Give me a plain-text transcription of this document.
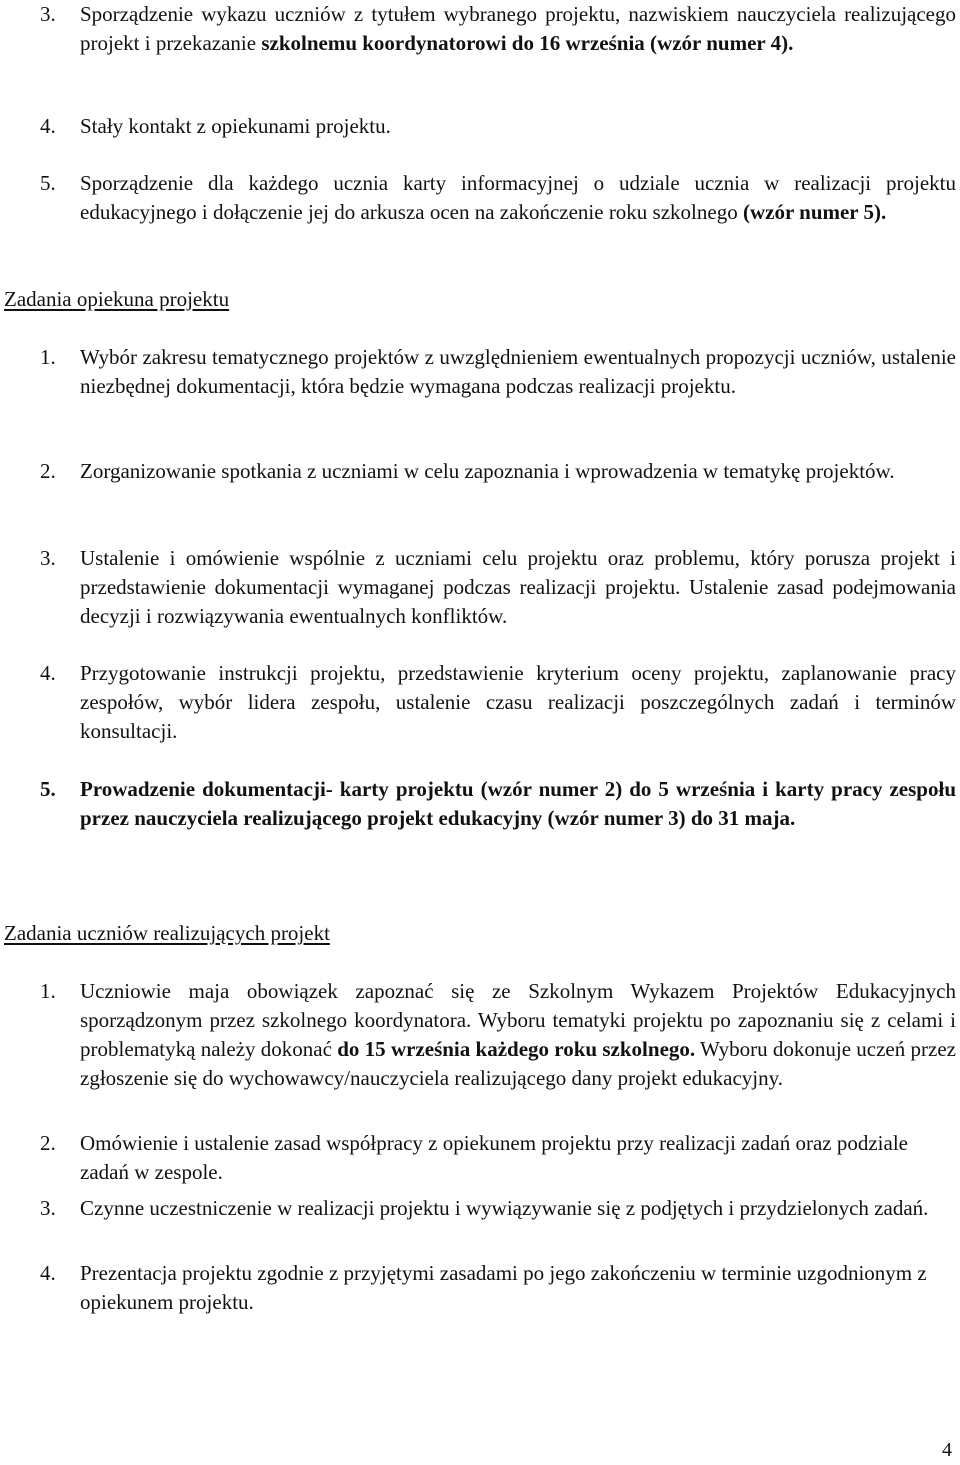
3.	Sporządzenie wykazu uczniów z tytułem wybranego projektu, nazwiskiem nauczyciela realizującego projekt i przekazanie szkolnemu koordynatorowi do 16 września (wzór numer 4).
4.	Stały kontakt z opiekunami projektu.
5.	Sporządzenie dla każdego ucznia karty informacyjnej o udziale ucznia w realizacji projektu edukacyjnego i dołączenie jej do arkusza ocen na zakończenie roku szkolnego (wzór numer 5).
Zadania opiekuna projektu
1.	Wybór zakresu tematycznego projektów z uwzględnieniem ewentualnych propozycji uczniów, ustalenie niezbędnej dokumentacji, która będzie wymagana podczas realizacji projektu.
2.	Zorganizowanie spotkania z uczniami w celu zapoznania i wprowadzenia w tematykę projektów.
3.	Ustalenie i omówienie wspólnie z uczniami celu projektu oraz problemu, który porusza projekt i przedstawienie dokumentacji wymaganej podczas realizacji projektu. Ustalenie zasad podejmowania decyzji i rozwiązywania ewentualnych konfliktów.
4.	Przygotowanie instrukcji projektu, przedstawienie kryterium oceny projektu, zaplanowanie pracy zespołów, wybór lidera zespołu, ustalenie czasu realizacji poszczególnych zadań i terminów konsultacji.
5.	Prowadzenie dokumentacji- karty projektu (wzór numer 2) do 5 września i karty pracy zespołu przez nauczyciela realizującego projekt edukacyjny (wzór numer 3) do 31 maja.
Zadania uczniów realizujących projekt
1.	Uczniowie maja obowiązek zapoznać się ze Szkolnym Wykazem Projektów Edukacyjnych sporządzonym przez szkolnego koordynatora. Wyboru tematyki projektu po zapoznaniu się z celami i problematyką należy dokonać do 15 września każdego roku szkolnego. Wyboru dokonuje uczeń przez zgłoszenie się do wychowawcy/nauczyciela realizującego dany projekt edukacyjny.
2.	Omówienie i ustalenie zasad współpracy z opiekunem projektu przy realizacji zadań oraz podziale zadań w zespole.
3.	Czynne uczestniczenie w realizacji projektu i wywiązywanie się z podjętych i przydzielonych zadań.
4.	Prezentacja projektu zgodnie z przyjętymi zasadami po jego zakończeniu w terminie uzgodnionym z opiekunem projektu.
4
